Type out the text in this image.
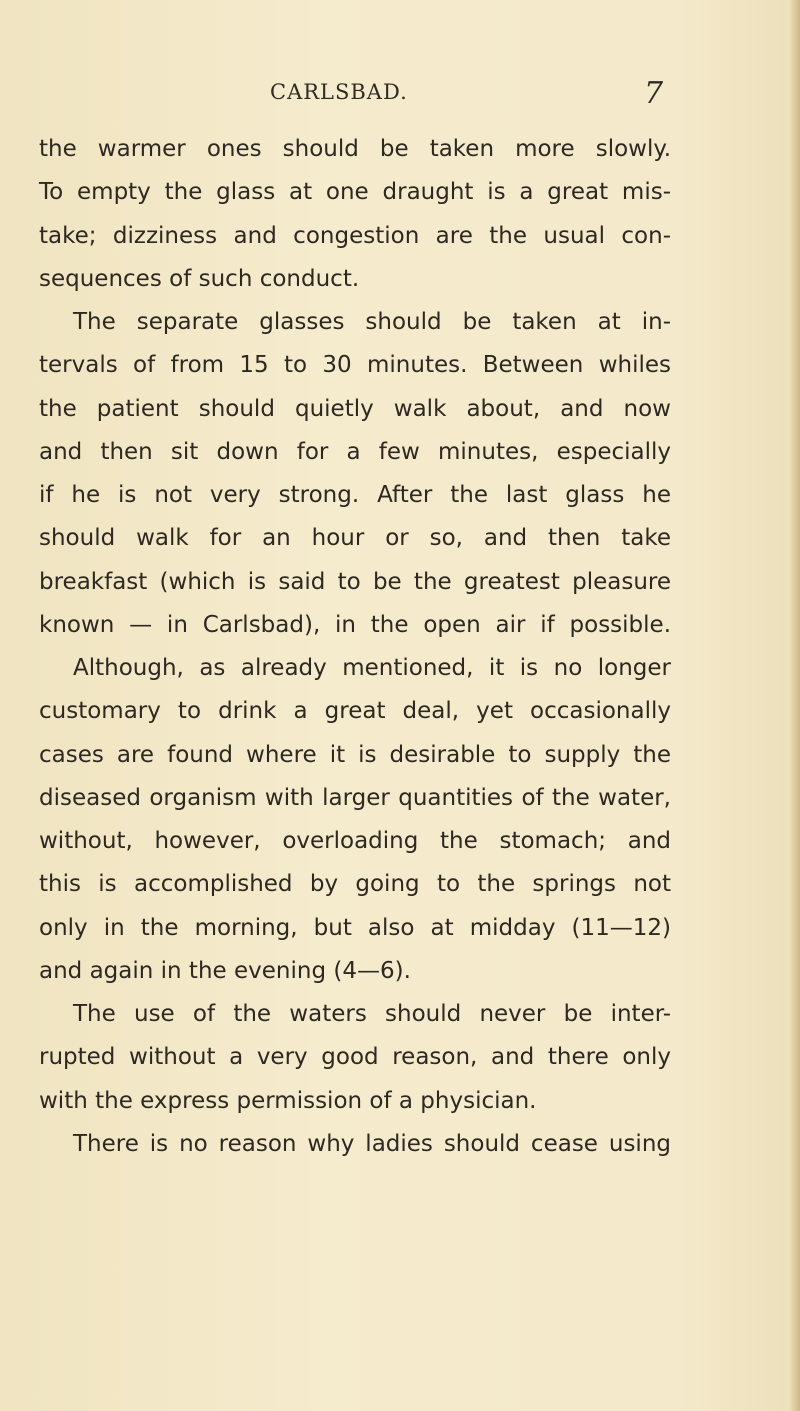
CARLSBAD.	7
the warmer ones should be taken more slowly.
To empty the glass at one draught is a great mis-
take; dizziness and congestion are the usual con-
sequences of such conduct.
The separate glasses should be taken at in-
tervals of from 15 to 30 minutes. Between whiles
the patient should quietly walk about, and now
and then sit down for a few minutes, especially
if he is not very strong. After the last glass he
should walk for an hour or so, and then take
breakfast (which is said to be the greatest pleasure
known — in Carlsbad), in the open air if possible.
Although, as already mentioned, it is no longer
customary to drink a great deal, yet occasionally
cases are found where it is desirable to supply the
diseased organism with larger quantities of the water,
without, however, overloading the stomach; and
this is accomplished by going to the springs not
only in the morning, but also at midday (11—12)
and again in the evening (4—6).
The use of the waters should never be inter-
rupted without a very good reason, and there only
with the express permission of a physician.
There is no reason why ladies should cease using
